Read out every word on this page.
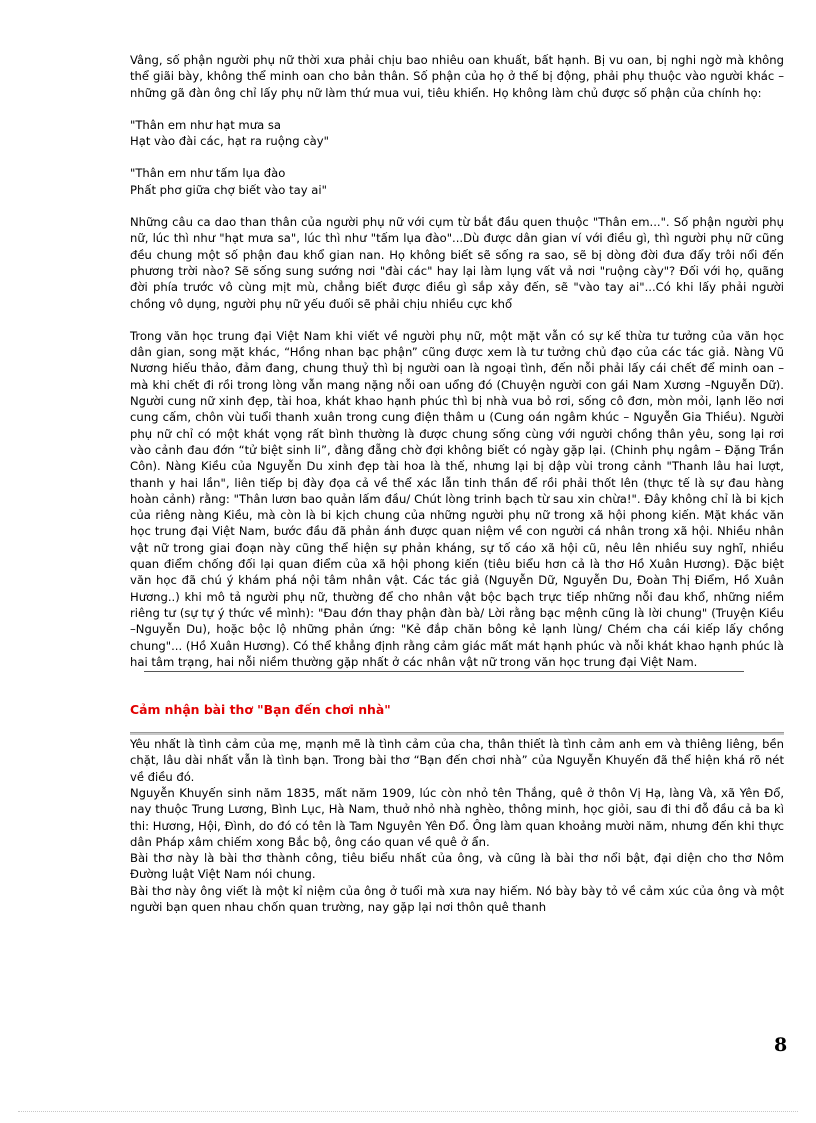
Vâng, số phận người phụ nữ thời xưa phải chịu bao nhiêu oan khuất, bất hạnh. Bị vu oan, bị nghi ngờ mà không thể giãi bày, không thể minh oan cho bản thân. Số phận của họ ở thế bị động, phải phụ thuộc vào người khác – những gã đàn ông chỉ lấy phụ nữ làm thứ mua vui, tiêu khiển. Họ không làm chủ được số phận của chính họ:

"Thân em như hạt mưa sa

Hạt vào đài các, hạt ra ruộng cày"

"Thân em như tấm lụa đào

Phất phơ giữa chợ biết vào tay ai"

Những câu ca dao than thân của người phụ nữ với cụm từ bắt đầu quen thuộc "Thân em...". Số phận người phụ nữ, lúc thì như "hạt mưa sa", lúc thì như "tấm lụa đào"...Dù được dân gian ví với điều gì, thì người phụ nữ cũng đều chung một số phận đau khổ gian nan. Họ không biết sẽ sống ra sao, sẽ bị dòng đời đưa đẩy trôi nổi đến phương trời nào? Sẽ sống sung sướng nơi "đài các" hay lại làm lụng vất vả nơi "ruộng cày"? Đối với họ, quãng đời phía trước vô cùng mịt mù, chẳng biết được điều gì sắp xảy đến, sẽ "vào tay ai"...Có khi lấy phải người chồng vô dụng, người phụ nữ yếu đuối sẽ phải chịu nhiều cực khổ

Trong văn học trung đại Việt Nam khi viết về người phụ nữ, một mặt vẫn có sự kế thừa tư tưởng của văn học dân gian, song mặt khác, “Hồng nhan bạc phận” cũng được xem là tư tưởng chủ đạo của các tác giả. Nàng Vũ Nương hiếu thảo, đảm đang, chung thuỷ thì bị người oan là ngoại tình, đến nỗi phải lấy cái chết để minh oan –mà khi chết đi rồi trong lòng vẫn mang nặng nỗi oan uổng đó (Chuyện người con gái Nam Xương –Nguyễn Dữ). Người cung nữ xinh đẹp, tài hoa, khát khao hạnh phúc thì bị nhà vua bỏ rơi, sống cô đơn, mòn mỏi, lạnh lẽo nơi cung cấm, chôn vùi tuổi thanh xuân trong cung điện thâm u (Cung oán ngâm khúc – Nguyễn Gia Thiều). Người phụ nữ chỉ có một khát vọng rất bình thường là được chung sống cùng với người chồng thân yêu, song lại rơi vào cảnh đau đớn “tử biệt sinh li”, đằng đẵng chờ đợi không biết có ngày gặp lại. (Chinh phụ ngâm – Đặng Trần Côn). Nàng Kiều của Nguyễn Du xinh đẹp tài hoa là thế, nhưng lại bị dập vùi trong cảnh "Thanh lâu hai lượt, thanh y hai lần", liên tiếp bị đày đọa cả về thể xác lẫn tinh thần để rồi phải thốt lên (thực tế là sự đau hàng hoàn cảnh) rằng: "Thân lươn bao quản lấm đầu/ Chút lòng trinh bạch từ sau xin chừa!". Đây không chỉ là bi kịch của riêng nàng Kiều, mà còn là bi kịch chung của những người phụ nữ trong xã hội phong kiến. Mặt khác văn học trung đại Việt Nam, bước đầu đã phản ánh được quan niệm về con người cá nhân trong xã hội. Nhiều nhân vật nữ trong giai đoạn này cũng thể hiện sự phản kháng, sự tố cáo xã hội cũ, nêu lên nhiều suy nghĩ, nhiều quan điểm chống đối lại quan điểm của xã hội phong kiến (tiêu biểu hơn cả là thơ Hồ Xuân Hương). Đặc biệt văn học đã chú ý khám phá nội tâm nhân vật. Các tác giả (Nguyễn Dữ, Nguyễn Du, Đoàn Thị Điểm, Hồ Xuân Hương..) khi mô tả người phụ nữ, thường để cho nhân vật bộc bạch trực tiếp những nỗi đau khổ, những niềm riêng tư (sự tự ý thức về mình): "Đau đớn thay phận đàn bà/ Lời rằng bạc mệnh cũng là lời chung" (Truyện Kiều –Nguyễn Du), hoặc bộc lộ những phản ứng: "Kẻ đắp chăn bông kẻ lạnh lùng/ Chém cha cái kiếp lấy chồng chung"... (Hồ Xuân Hương). Có thể khẳng định rằng cảm giác mất mát hạnh phúc và nỗi khát khao hạnh phúc là hai tâm trạng, hai nỗi niềm thường gặp nhất ở các nhân vật nữ trong văn học trung đại Việt Nam.

Cảm nhận bài thơ "Bạn đến chơi nhà"

Yêu nhất là tình cảm của mẹ, mạnh mẽ là tình cảm của cha, thân thiết là tình cảm anh em và thiêng liêng, bền chặt, lâu dài nhất vẫn là tình bạn. Trong bài thơ “Bạn đến chơi nhà” của Nguyễn Khuyến đã thể hiện khá rõ nét về điều đó.

Nguyễn Khuyến sinh năm 1835, mất năm 1909, lúc còn nhỏ tên Thắng, quê ở thôn Vị Hạ, làng Và, xã Yên Đổ, nay thuộc Trung Lương, Bình Lục, Hà Nam, thuở nhỏ nhà nghèo, thông minh, học giỏi, sau đi thi đỗ đầu cả ba kì thi: Hương, Hội, Đình, do đó có tên là Tam Nguyên Yên Đổ. Ông làm quan khoảng mười năm, nhưng đến khi thực dân Pháp xâm chiếm xong Bắc bộ, ông cáo quan về quê ở ẩn.

Bài thơ này là bài thơ thành công, tiêu biểu nhất của ông, và cũng là bài thơ nổi bật, đại diện cho thơ Nôm Đường luật Việt Nam nói chung.

Bài thơ này ông viết là một kỉ niệm của ông ở tuổi mà xưa nay hiếm. Nó bày bày tỏ về cảm xúc của ông và một người bạn quen nhau chốn quan trường, nay gặp lại nơi thôn quê thanh

8
